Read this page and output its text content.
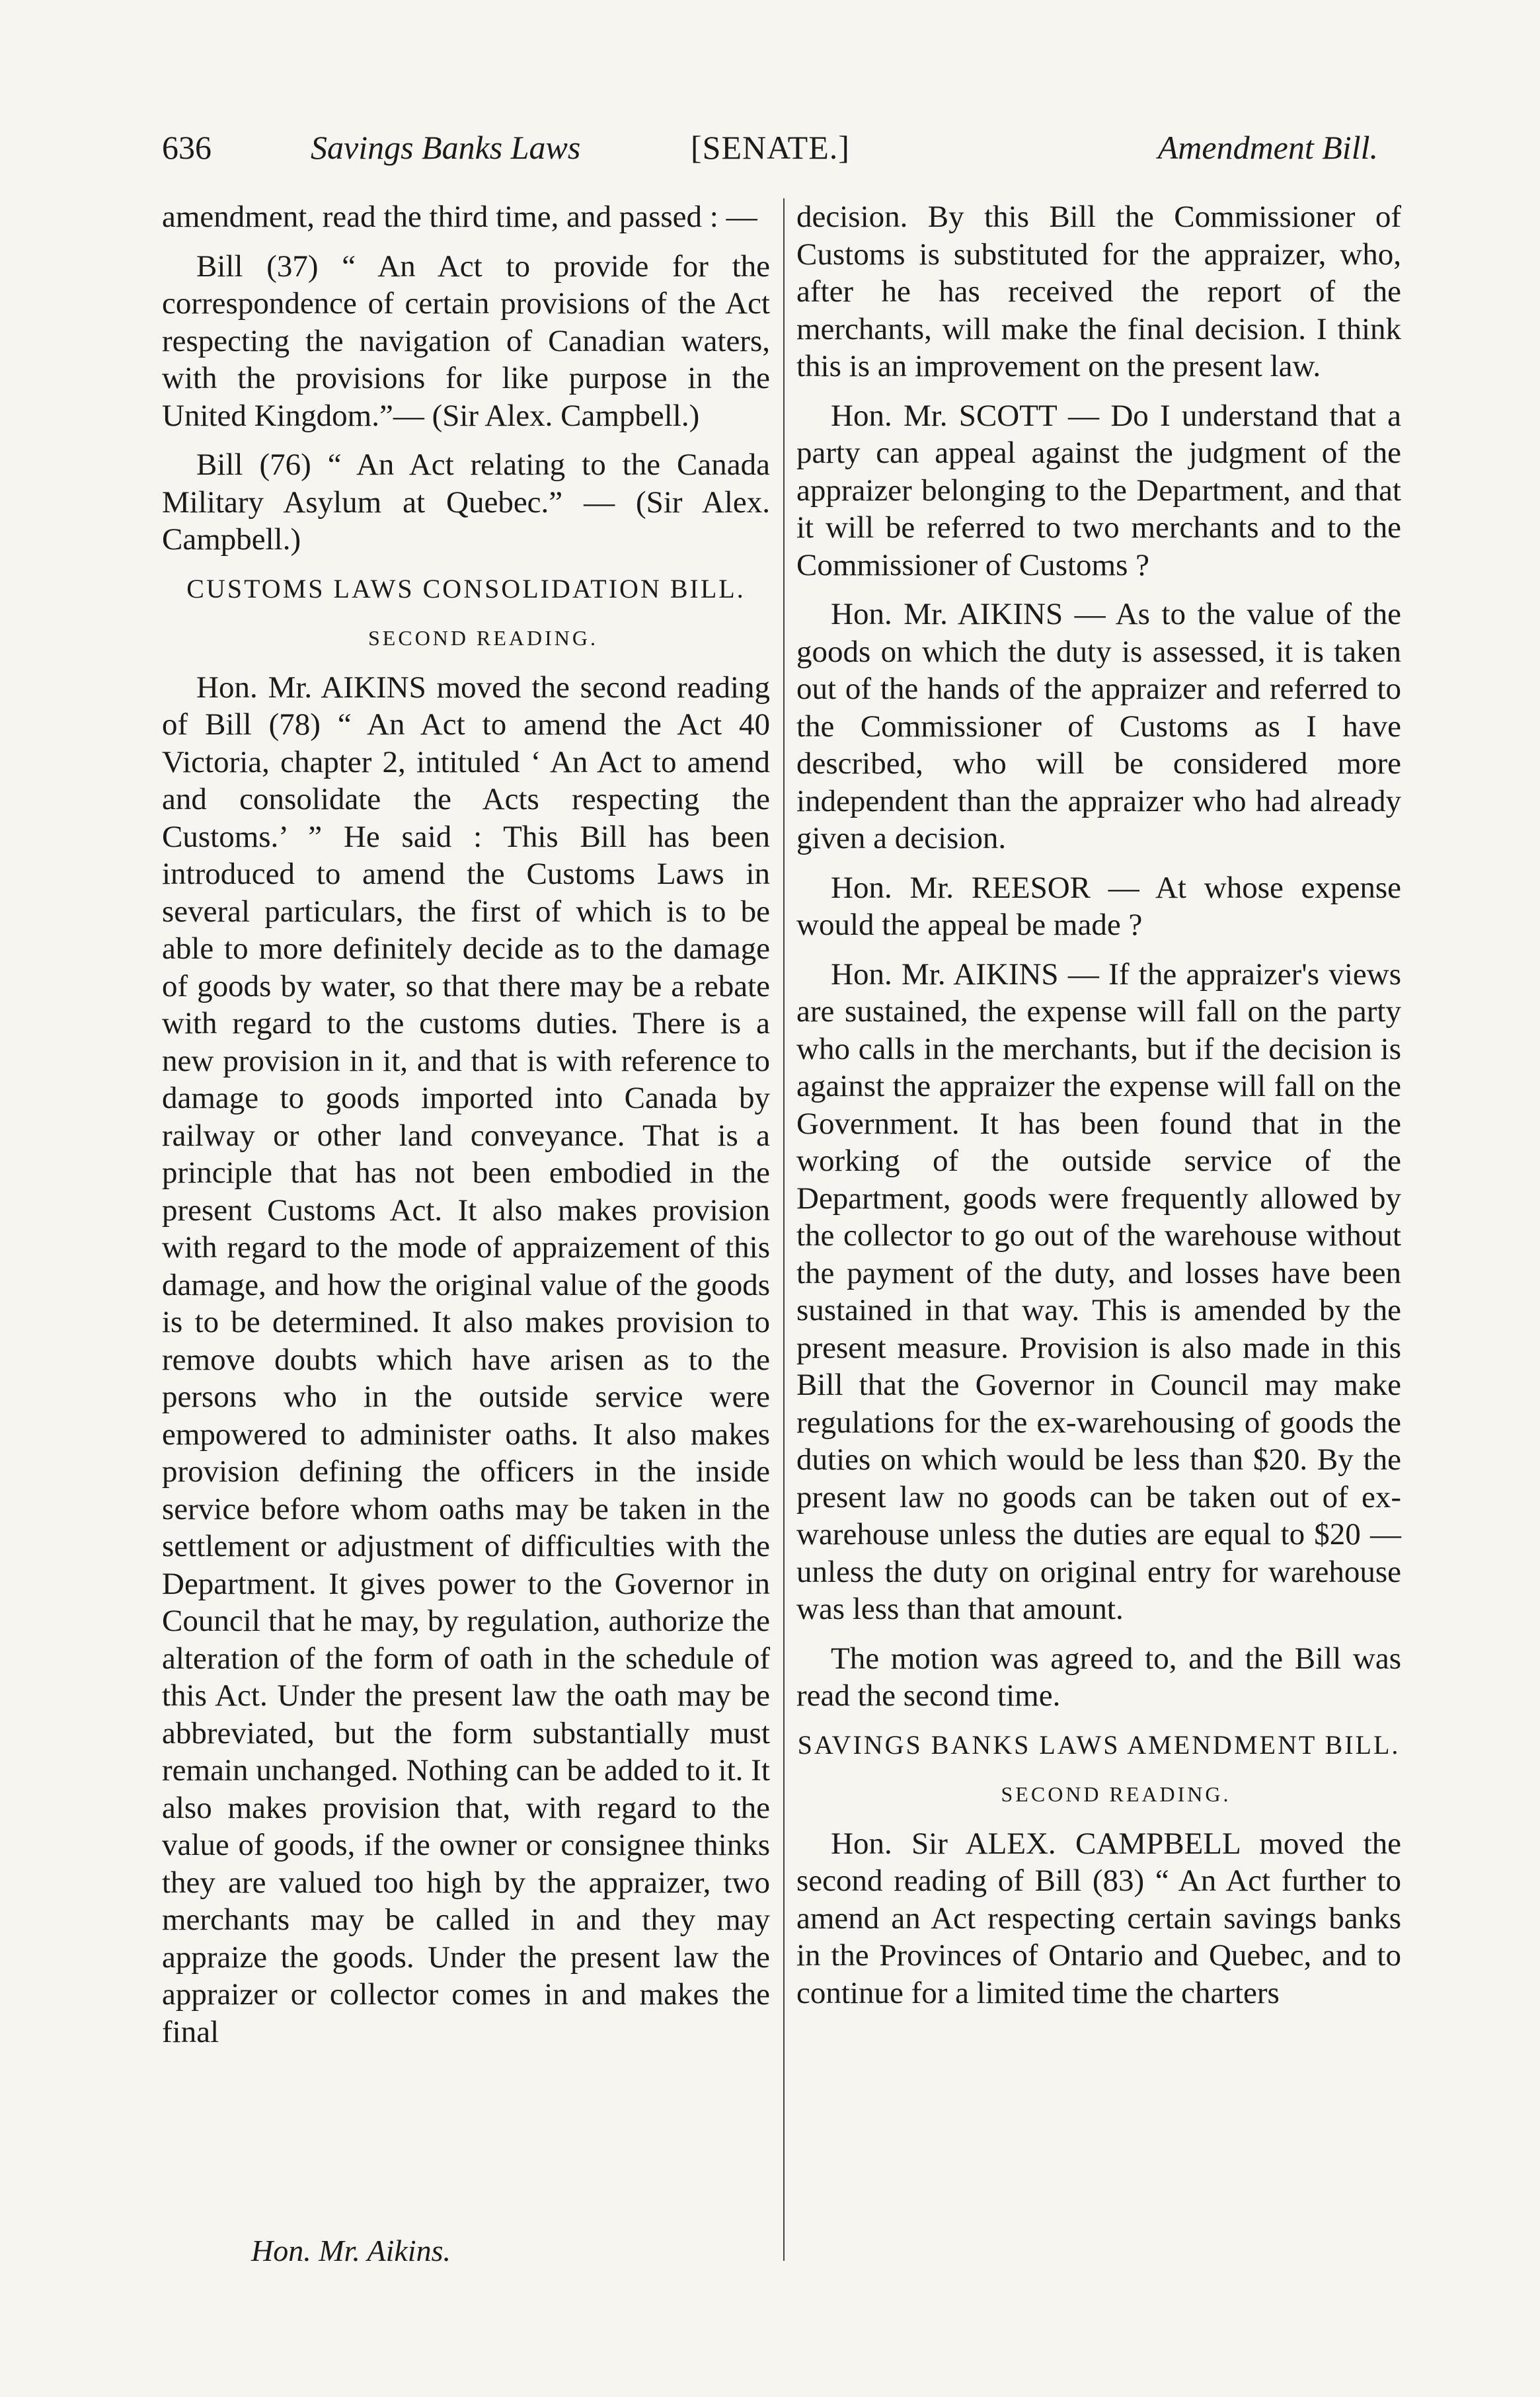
636	Savings Banks Laws	[SENATE.]	Amendment Bill.

amendment, read the third time, and passed : —

Bill (37) “ An Act to provide for the correspondence of certain provisions of the Act respecting the navigation of Canadian waters, with the provisions for like purpose in the United Kingdom.”— (Sir Alex. Campbell.)

Bill (76) “ An Act relating to the Canada Military Asylum at Quebec.” — (Sir Alex. Campbell.)

CUSTOMS LAWS CONSOLIDATION BILL.

SECOND READING.

Hon. Mr. AIKINS moved the second reading of Bill (78) “ An Act to amend the Act 40 Victoria, chapter 2, intituled ‘ An Act to amend and consolidate the Acts respecting the Customs.’ ” He said : This Bill has been introduced to amend the Customs Laws in several particulars, the first of which is to be able to more definitely decide as to the damage of goods by water, so that there may be a rebate with regard to the customs duties. There is a new provision in it, and that is with reference to damage to goods imported into Canada by railway or other land conveyance. That is a principle that has not been embodied in the present Customs Act. It also makes provision with regard to the mode of appraizement of this damage, and how the original value of the goods is to be determined. It also makes provision to remove doubts which have arisen as to the persons who in the outside service were empowered to administer oaths. It also makes provision defining the officers in the inside service before whom oaths may be taken in the settlement or adjustment of difficulties with the Department. It gives power to the Governor in Council that he may, by regulation, authorize the alteration of the form of oath in the schedule of this Act. Under the present law the oath may be abbreviated, but the form substantially must remain unchanged. Nothing can be added to it. It also makes provision that, with regard to the value of goods, if the owner or consignee thinks they are valued too high by the appraizer, two merchants may be called in and they may appraize the goods. Under the present law the appraizer or collector comes in and makes the final

decision. By this Bill the Commissioner of Customs is substituted for the appraizer, who, after he has received the report of the merchants, will make the final decision. I think this is an improvement on the present law.

Hon. Mr. SCOTT — Do I understand that a party can appeal against the judgment of the appraizer belonging to the Department, and that it will be referred to two merchants and to the Commissioner of Customs ?

Hon. Mr. AIKINS — As to the value of the goods on which the duty is assessed, it is taken out of the hands of the appraizer and referred to the Commissioner of Customs as I have described, who will be considered more independent than the appraizer who had already given a decision.

Hon. Mr. REESOR — At whose expense would the appeal be made ?

Hon. Mr. AIKINS — If the appraizer's views are sustained, the expense will fall on the party who calls in the merchants, but if the decision is against the appraizer the expense will fall on the Government. It has been found that in the working of the outside service of the Department, goods were frequently allowed by the collector to go out of the warehouse without the payment of the duty, and losses have been sustained in that way. This is amended by the present measure. Provision is also made in this Bill that the Governor in Council may make regulations for the ex-warehousing of goods the duties on which would be less than $20. By the present law no goods can be taken out of ex-warehouse unless the duties are equal to $20 — unless the duty on original entry for warehouse was less than that amount.

The motion was agreed to, and the Bill was read the second time.

SAVINGS BANKS LAWS AMENDMENT BILL.

SECOND READING.

Hon. Sir ALEX. CAMPBELL moved the second reading of Bill (83) “ An Act further to amend an Act respecting certain savings banks in the Provinces of Ontario and Quebec, and to continue for a limited time the charters

Hon. Mr. Aikins.
